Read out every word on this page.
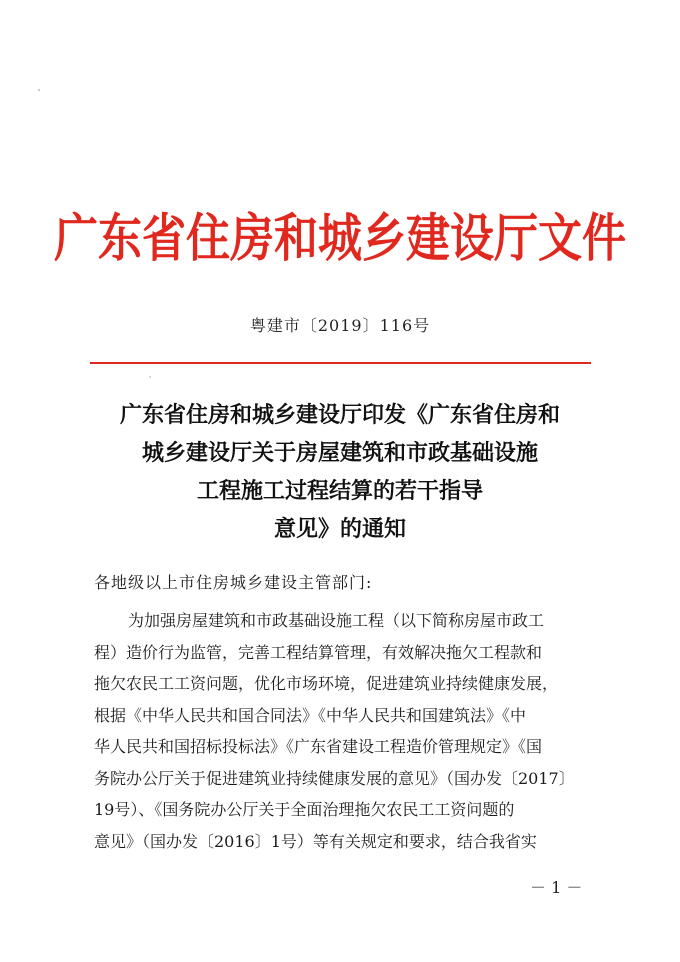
广东省住房和城乡建设厅文件
粤建市〔2019〕116号
广东省住房和城乡建设厅印发《广东省住房和
城乡建设厅关于房屋建筑和市政基础设施
工程施工过程结算的若干指导
意见》的通知
各地级以上市住房城乡建设主管部门:
为加强房屋建筑和市政基础设施工程（以下简称房屋市政工
程）造价行为监管，完善工程结算管理，有效解决拖欠工程款和
拖欠农民工工资问题，优化市场环境，促进建筑业持续健康发展，
根据《中华人民共和国合同法》《中华人民共和国建筑法》《中
华人民共和国招标投标法》《广东省建设工程造价管理规定》《国
务院办公厅关于促进建筑业持续健康发展的意见》（国办发〔2017〕
19号）、《国务院办公厅关于全面治理拖欠农民工工资问题的
意见》（国办发〔2016〕1号）等有关规定和要求，结合我省实
－ 1 －
